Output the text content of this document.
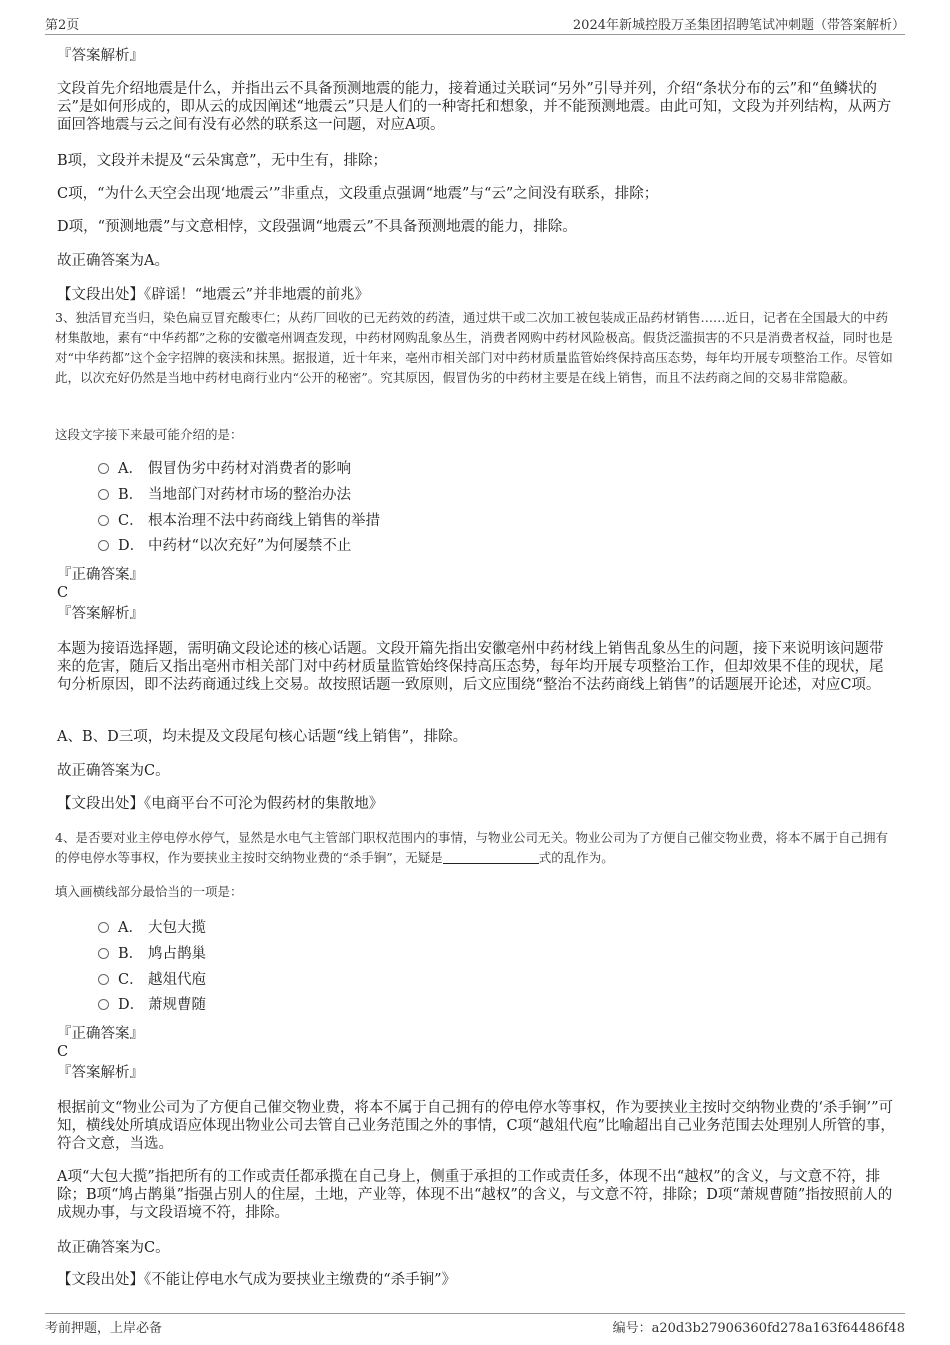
第2页	2024年新城控股万圣集团招聘笔试冲刺题（带答案解析）
『答案解析』
文段首先介绍地震是什么，并指出云不具备预测地震的能力，接着通过关联词“另外”引导并列，介绍“条状分布的云”和“鱼鳞状的云”是如何形成的，即从云的成因阐述“地震云”只是人们的一种寄托和想象，并不能预测地震。由此可知，文段为并列结构，从两方面回答地震与云之间有没有必然的联系这一问题，对应A项。
B项，文段并未提及“云朵寓意”，无中生有，排除；
C项，“为什么天空会出现‘地震云’”非重点，文段重点强调“地震”与“云”之间没有联系，排除；
D项，“预测地震”与文意相悖，文段强调“地震云”不具备预测地震的能力，排除。
故正确答案为A。
【文段出处】《辟谣！“地震云”并非地震的前兆》
3、独活冒充当归，染色扁豆冒充酸枣仁；从药厂回收的已无药效的药渣，通过烘干或二次加工被包装成正品药材销售……近日，记者在全国最大的中药材集散地，素有“中华药都”之称的安徽亳州调查发现，中药材网购乱象丛生，消费者网购中药材风险极高。假货泛滥损害的不只是消费者权益，同时也是对“中华药都”这个金字招牌的亵渎和抹黑。据报道，近十年来，亳州市相关部门对中药材质量监管始终保持高压态势，每年均开展专项整治工作。尽管如此，以次充好仍然是当地中药材电商行业内“公开的秘密”。究其原因，假冒伪劣的中药材主要是在线上销售，而且不法药商之间的交易非常隐蔽。
这段文字接下来最可能介绍的是：
A． 假冒伪劣中药材对消费者的影响
B． 当地部门对药材市场的整治办法
C． 根本治理不法中药商线上销售的举措
D． 中药材“以次充好”为何屡禁不止
『正确答案』
C
『答案解析』
本题为接语选择题，需明确文段论述的核心话题。文段开篇先指出安徽亳州中药材线上销售乱象丛生的问题，接下来说明该问题带来的危害，随后又指出亳州市相关部门对中药材质量监管始终保持高压态势，每年均开展专项整治工作，但却效果不佳的现状，尾句分析原因，即不法药商通过线上交易。故按照话题一致原则，后文应围绕“整治不法药商线上销售”的话题展开论述，对应C项。
A、B、D三项，均未提及文段尾句核心话题“线上销售”，排除。
故正确答案为C。
【文段出处】《电商平台不可沦为假药材的集散地》
4、是否要对业主停电停水停气，显然是水电气主管部门职权范围内的事情，与物业公司无关。物业公司为了方便自己催交物业费，将本不属于自己拥有的停电停水等事权，作为要挟业主按时交纳物业费的“杀手锏”，无疑是	式的乱作为。
填入画横线部分最恰当的一项是：
A． 大包大揽
B． 鸠占鹊巢
C． 越俎代庖
D． 萧规曹随
『正确答案』
C
『答案解析』
根据前文“物业公司为了方便自己催交物业费，将本不属于自己拥有的停电停水等事权，作为要挟业主按时交纳物业费的‘杀手锏’”可知，横线处所填成语应体现出物业公司去管自己业务范围之外的事情，C项“越俎代庖”比喻超出自己业务范围去处理别人所管的事，符合文意，当选。
A项“大包大揽”指把所有的工作或责任都承揽在自己身上，侧重于承担的工作或责任多，体现不出“越权”的含义，与文意不符，排除；B项“鸠占鹊巢”指强占别人的住屋，土地，产业等，体现不出“越权”的含义，与文意不符，排除；D项“萧规曹随”指按照前人的成规办事，与文段语境不符，排除。
故正确答案为C。
【文段出处】《不能让停电水气成为要挟业主缴费的“杀手锏”》
考前押题，上岸必备	编号：a20d3b27906360fd278a163f64486f48
